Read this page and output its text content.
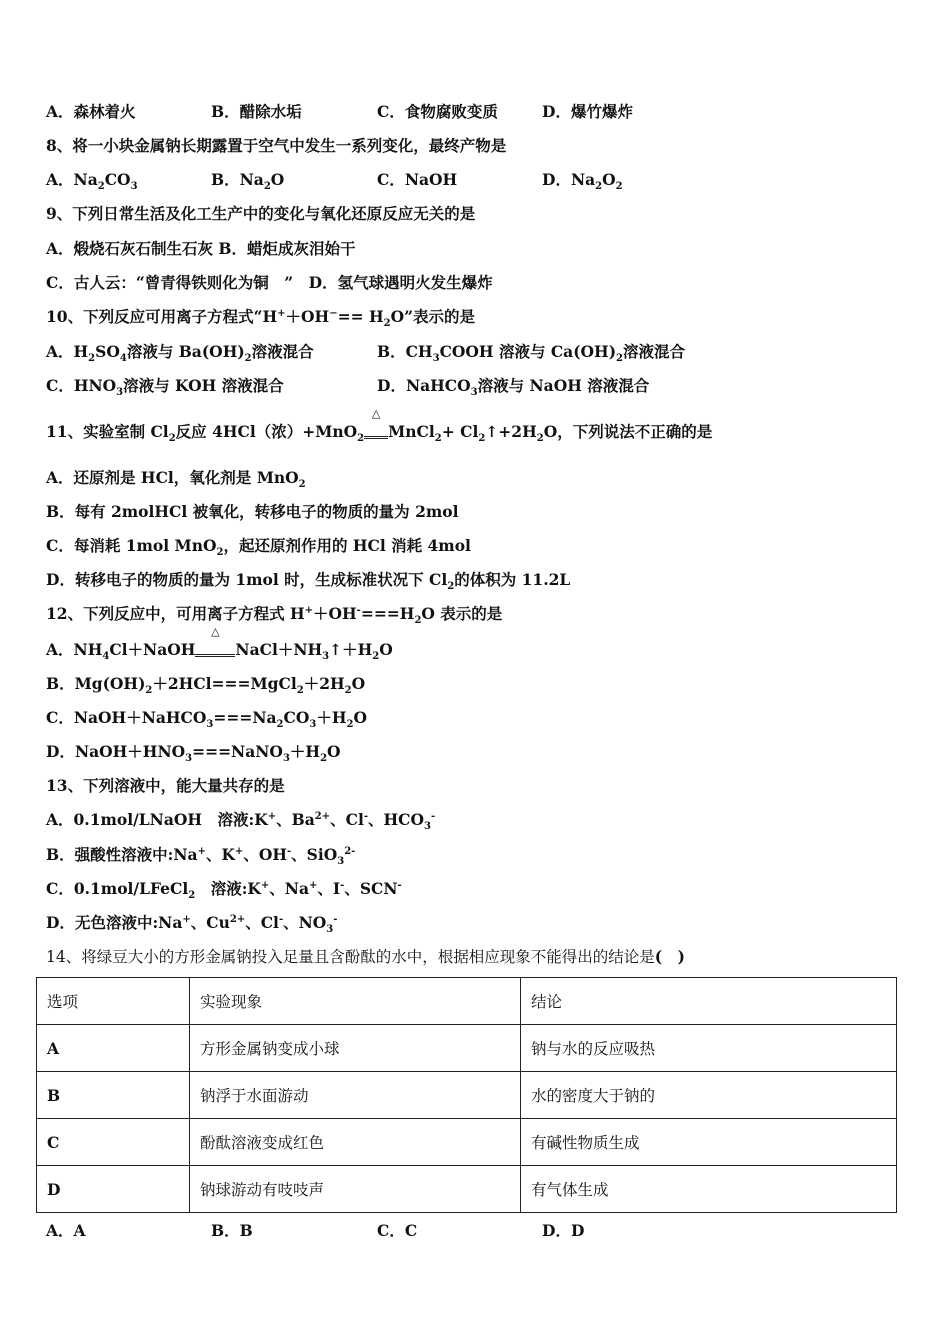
A．森林着火	B．醋除水垢	C．食物腐败变质	D．爆竹爆炸
8、将一小块金属钠长期露置于空气中发生一系列变化，最终产物是
A．$Na_2CO_3$	B．$Na_2O$	C．NaOH	D．$Na_2O_2$
9、下列日常生活及化工生产中的变化与氧化还原反应无关的是
A．煅烧石灰石制生石灰 B．蜡炬成灰泪始干
C．古人云：“曾青得铁则化为铜　”　D．氢气球遇明火发生爆炸
10、下列反应可用离子方程式“$H^++OH^-== H_2O$”表示的是
A．$H_2SO_4$溶液与 $Ba(OH)_2$溶液混合	B．$CH_3COOH$ 溶液与 $Ca(OH)_2$溶液混合
C．$HNO_3$溶液与 KOH 溶液混合	D．NaHCO$_3$溶液与 NaOH 溶液混合
11、实验室制 $Cl_2$反应 4HCl（浓）+MnO$_2$
△
MnCl$_2$+ $Cl_2↑+2H_2O$，下列说法不正确的是
A．还原剂是 HCl，氧化剂是 MnO$_2$
B．每有 2molHCl 被氧化，转移电子的物质的量为 2mol
C．每消耗 1mol MnO$_2$，起还原剂作用的 HCl 消耗 4mol
D．转移电子的物质的量为 1mol 时，生成标准状况下 $Cl_2$的体积为 11.2L
12、下列反应中，可用离子方程式 $H^++OH^-===H_2O$ 表示的是
A．$NH_4Cl+NaOH$
△
$NaCl+NH_3↑+H_2O$
B．$Mg(OH)_2+2HCl===MgCl_2+2H_2O$
C．$NaOH+NaHCO_3===Na_2CO_3+H_2O$
D．$NaOH+HNO_3===NaNO_3+H_2O$
13、下列溶液中，能大量共存的是
A．0.1mol/LNaOH　溶液:K+、$Ba^{2+}$、Cl-、$HCO_3^-$
B．强酸性溶液中:Na+、K+、OH-、SiO$_3^{2-}$
C．0.1mol/LFeCl$_2$　溶液:K+、Na+、I-、SCN-
D．无色溶液中:Na+、$Cu^{2+}$、Cl-、$NO_3^-$
14、将绿豆大小的方形金属钠投入足量且含酚酞的水中，根据相应现象不能得出的结论是(　)
选项	实验现象	结论
A	方形金属钠变成小球	钠与水的反应吸热
B	钠浮于水面游动	水的密度大于钠的
C	酚酞溶液变成红色	有碱性物质生成
D	钠球游动有吱吱声	有气体生成
A．A	B．B	C．C	D．D
